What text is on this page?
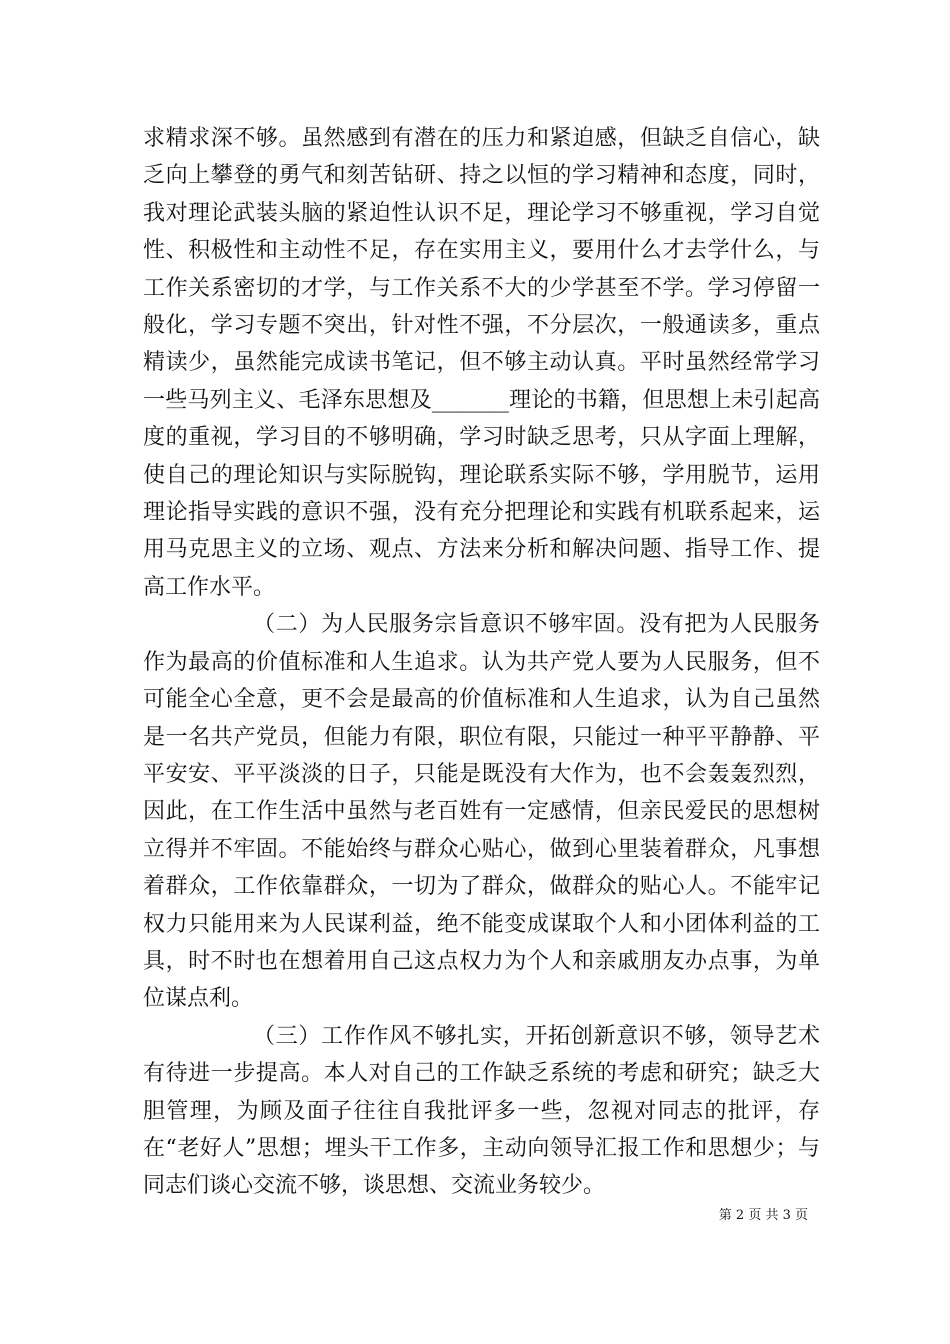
求精求深不够。虽然感到有潜在的压力和紧迫感，但缺乏自信心，缺乏向上攀登的勇气和刻苦钻研、持之以恒的学习精神和态度，同时，我对理论武装头脑的紧迫性认识不足，理论学习不够重视，学习自觉性、积极性和主动性不足，存在实用主义，要用什么才去学什么，与工作关系密切的才学，与工作关系不大的少学甚至不学。学习停留一般化，学习专题不突出，针对性不强，不分层次，一般通读多，重点精读少，虽然能完成读书笔记，但不够主动认真。平时虽然经常学习一些马列主义、毛泽东思想及_______理论的书籍，但思想上未引起高度的重视，学习目的不够明确，学习时缺乏思考，只从字面上理解，使自己的理论知识与实际脱钩，理论联系实际不够，学用脱节，运用理论指导实践的意识不强，没有充分把理论和实践有机联系起来，运用马克思主义的立场、观点、方法来分析和解决问题、指导工作、提高工作水平。

（二）为人民服务宗旨意识不够牢固。没有把为人民服务作为最高的价值标准和人生追求。认为共产党人要为人民服务，但不可能全心全意，更不会是最高的价值标准和人生追求，认为自己虽然是一名共产党员，但能力有限，职位有限，只能过一种平平静静、平平安安、平平淡淡的日子，只能是既没有大作为，也不会轰轰烈烈，因此，在工作生活中虽然与老百姓有一定感情，但亲民爱民的思想树立得并不牢固。不能始终与群众心贴心，做到心里装着群众，凡事想着群众，工作依靠群众，一切为了群众，做群众的贴心人。不能牢记权力只能用来为人民谋利益，绝不能变成谋取个人和小团体利益的工具，时不时也在想着用自己这点权力为个人和亲戚朋友办点事，为单位谋点利。

（三）工作作风不够扎实，开拓创新意识不够，领导艺术有待进一步提高。本人对自己的工作缺乏系统的考虑和研究；缺乏大胆管理，为顾及面子往往自我批评多一些，忽视对同志的批评，存在“老好人”思想；埋头干工作多，主动向领导汇报工作和思想少；与同志们谈心交流不够，谈思想、交流业务较少。

第 2 页 共 3 页
